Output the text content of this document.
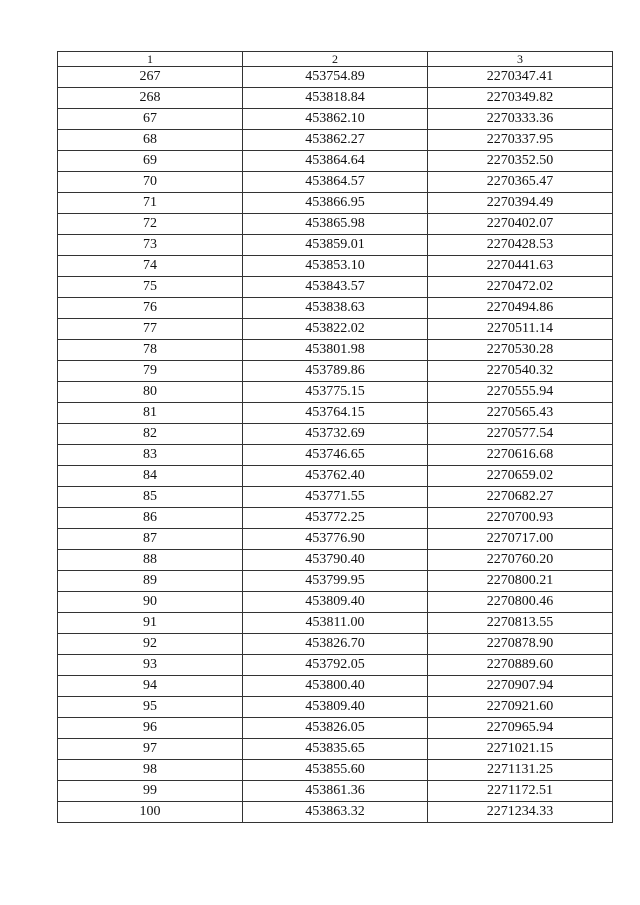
1	2	3
267	453754.89	2270347.41
268	453818.84	2270349.82
67	453862.10	2270333.36
68	453862.27	2270337.95
69	453864.64	2270352.50
70	453864.57	2270365.47
71	453866.95	2270394.49
72	453865.98	2270402.07
73	453859.01	2270428.53
74	453853.10	2270441.63
75	453843.57	2270472.02
76	453838.63	2270494.86
77	453822.02	2270511.14
78	453801.98	2270530.28
79	453789.86	2270540.32
80	453775.15	2270555.94
81	453764.15	2270565.43
82	453732.69	2270577.54
83	453746.65	2270616.68
84	453762.40	2270659.02
85	453771.55	2270682.27
86	453772.25	2270700.93
87	453776.90	2270717.00
88	453790.40	2270760.20
89	453799.95	2270800.21
90	453809.40	2270800.46
91	453811.00	2270813.55
92	453826.70	2270878.90
93	453792.05	2270889.60
94	453800.40	2270907.94
95	453809.40	2270921.60
96	453826.05	2270965.94
97	453835.65	2271021.15
98	453855.60	2271131.25
99	453861.36	2271172.51
100	453863.32	2271234.33
